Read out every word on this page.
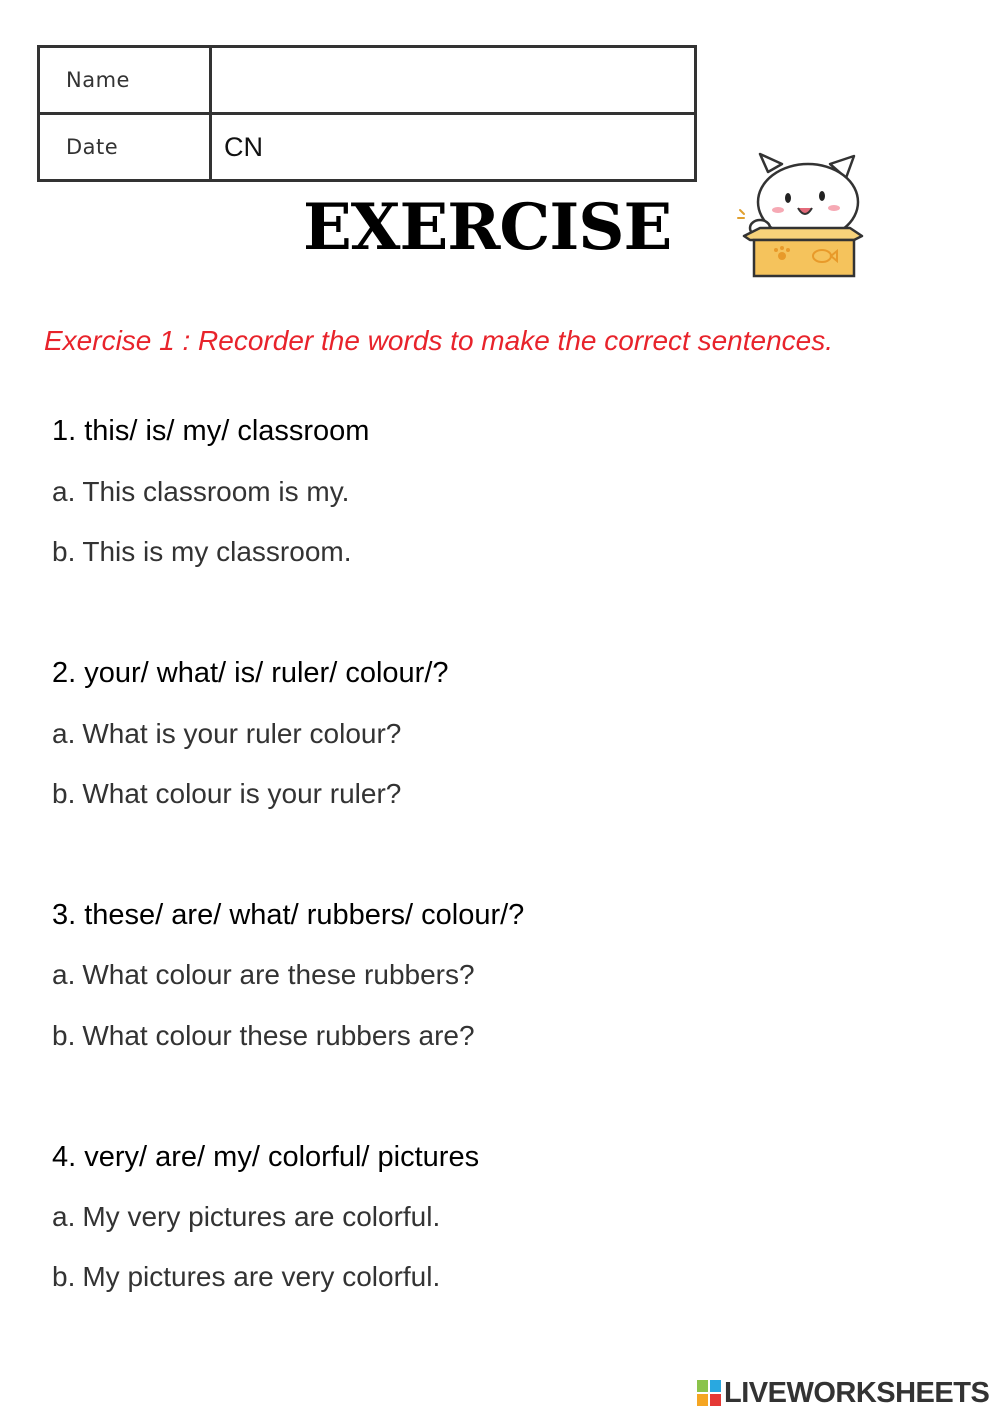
Name	
Date	CN
EXERCISE
Exercise 1 : Recorder the words to make the correct sentences.
1. this/ is/ my/ classroom
a. This classroom is my.
b. This is my classroom.
2. your/ what/ is/ ruler/ colour/?
a. What is your ruler colour?
b. What colour is your ruler?
3. these/ are/ what/ rubbers/ colour/?
a. What colour are these rubbers?
b. What colour these rubbers are?
4. very/ are/ my/ colorful/ pictures
a. My very pictures are colorful.
b. My pictures are very colorful.
LIVEWORKSHEETS
